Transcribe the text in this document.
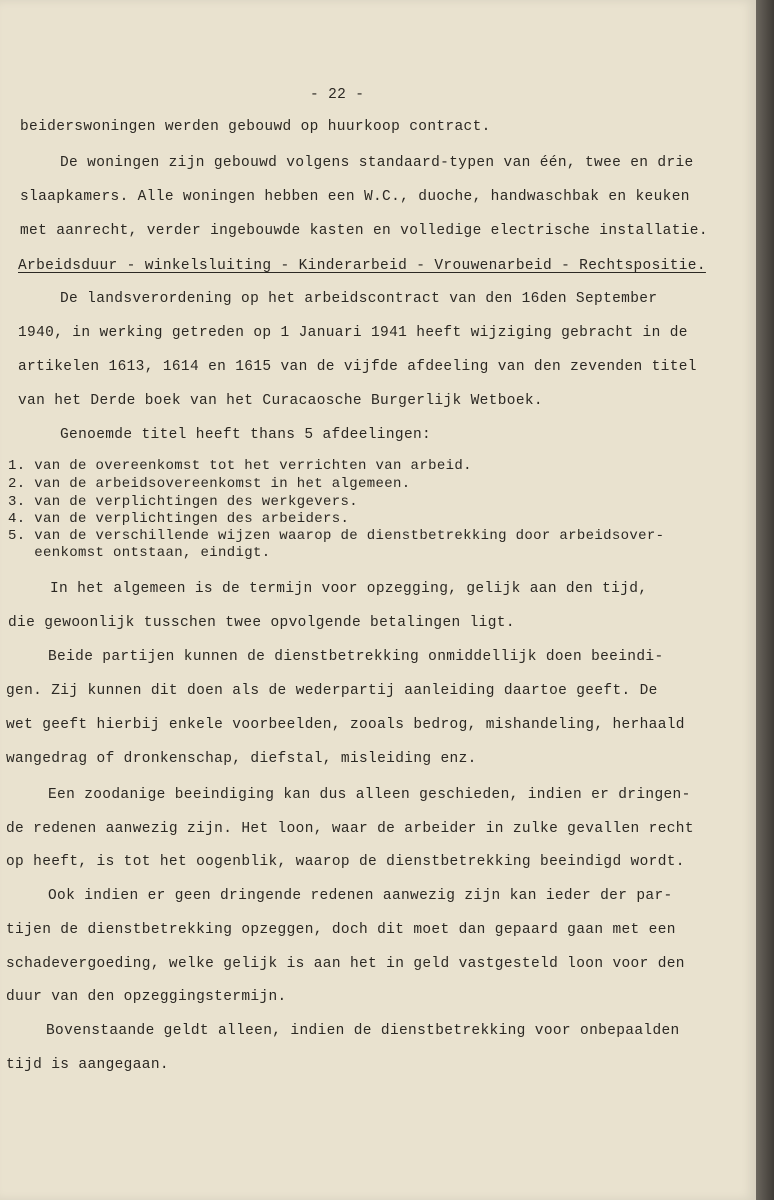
- 22 -
beiderswoningen werden gebouwd op huurkoop contract.
De woningen zijn gebouwd volgens standaard-typen van één, twee en drie
slaapkamers. Alle woningen hebben een W.C., duoche, handwaschbak en keuken
met aanrecht, verder ingebouwde kasten en volledige electrische installatie.
Arbeidsduur - winkelsluiting - Kinderarbeid - Vrouwenarbeid - Rechtspositie.
De landsverordening op het arbeidscontract van den 16den September
1940, in werking getreden op 1 Januari 1941 heeft wijziging gebracht in de
artikelen 1613, 1614 en 1615 van de vijfde afdeeling van den zevenden titel
van het Derde boek van het Curacaosche Burgerlijk Wetboek.
Genoemde titel heeft thans 5 afdeelingen:
1. van de overeenkomst tot het verrichten van arbeid.
2. van de arbeidsovereenkomst in het algemeen.
3. van de verplichtingen des werkgevers.
4. van de verplichtingen des arbeiders.
5. van de verschillende wijzen waarop de dienstbetrekking door arbeidsover-
eenkomst ontstaan, eindigt.
In het algemeen is de termijn voor opzegging, gelijk aan den tijd,
die gewoonlijk tusschen twee opvolgende betalingen ligt.
Beide partijen kunnen de dienstbetrekking onmiddellijk doen beeindi-
gen. Zij kunnen dit doen als de wederpartij aanleiding daartoe geeft. De
wet geeft hierbij enkele voorbeelden, zooals bedrog, mishandeling, herhaald
wangedrag of dronkenschap, diefstal, misleiding enz.
Een zoodanige beeindiging kan dus alleen geschieden, indien er dringen-
de redenen aanwezig zijn. Het loon, waar de arbeider in zulke gevallen recht
op heeft, is tot het oogenblik, waarop de dienstbetrekking beeindigd wordt.
Ook indien er geen dringende redenen aanwezig zijn kan ieder der par-
tijen de dienstbetrekking opzeggen, doch dit moet dan gepaard gaan met een
schadevergoeding, welke gelijk is aan het in geld vastgesteld loon voor den
duur van den opzeggingstermijn.
Bovenstaande geldt alleen, indien de dienstbetrekking voor onbepaalden
tijd is aangegaan.
